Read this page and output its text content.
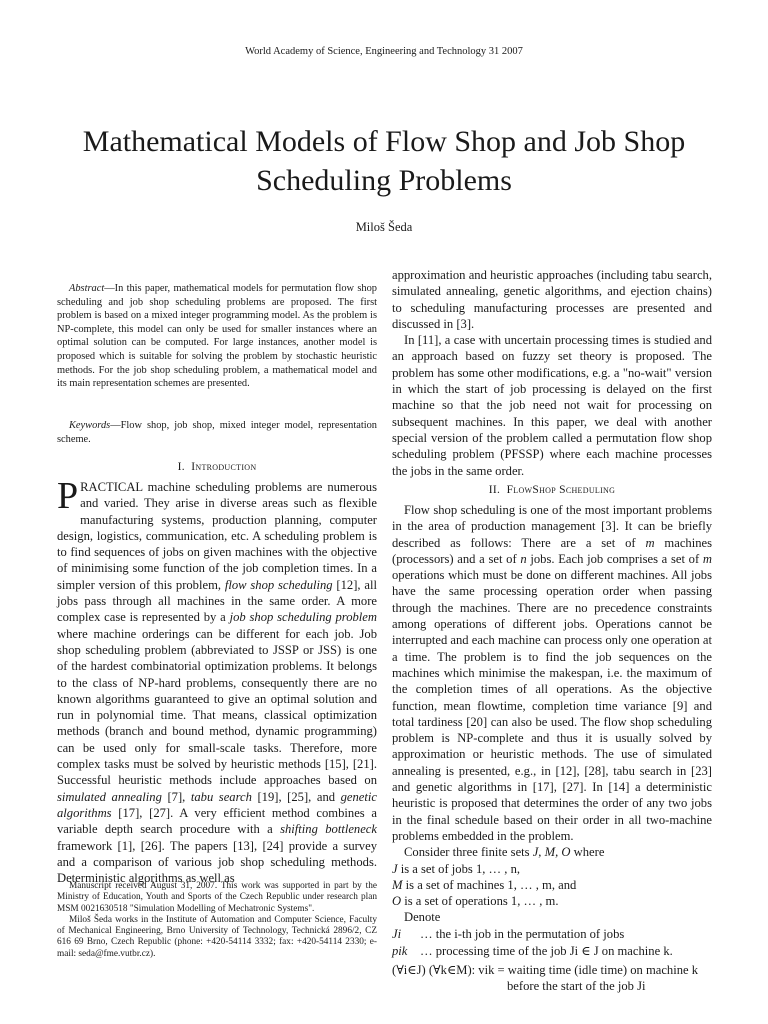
World Academy of Science, Engineering and Technology 31 2007
Mathematical Models of Flow Shop and Job Shop Scheduling Problems
Miloš Šeda

Abstract—In this paper, mathematical models for permutation flow shop scheduling and job shop scheduling problems are proposed. The first problem is based on a mixed integer programming model. As the problem is NP-complete, this model can only be used for smaller instances where an optimal solution can be computed. For large instances, another model is proposed which is suitable for solving the problem by stochastic heuristic methods. For the job shop scheduling problem, a mathematical model and its main representation schemes are presented.

Keywords—Flow shop, job shop, mixed integer model, representation scheme.

I. Introduction

PRACTICAL machine scheduling problems are numerous and varied. They arise in diverse areas such as flexible manufacturing systems, production planning, computer design, logistics, communication, etc. A scheduling problem is to find sequences of jobs on given machines with the objective of minimising some function of the job completion times. In a simpler version of this problem, flow shop scheduling [12], all jobs pass through all machines in the same order. A more complex case is represented by a job shop scheduling problem where machine orderings can be different for each job. Job shop scheduling problem (abbreviated to JSSP or JSS) is one of the hardest combinatorial optimization problems. It belongs to the class of NP-hard problems, consequently there are no known algorithms guaranteed to give an optimal solution and run in polynomial time. That means, classical optimization methods (branch and bound method, dynamic programming) can be used only for small-scale tasks. Therefore, more complex tasks must be solved by heuristic methods [15], [21]. Successful heuristic methods include approaches based on simulated annealing [7], tabu search [19], [25], and genetic algorithms [17], [27]. A very efficient method combines a variable depth search procedure with a shifting bottleneck framework [1], [26]. The papers [13], [24] provide a survey and a comparison of various job shop scheduling methods. Deterministic algorithms as well as

Manuscript received August 31, 2007. This work was supported in part by the Ministry of Education, Youth and Sports of the Czech Republic under research plan MSM 0021630518 "Simulation Modelling of Mechatronic Systems".

Miloš Šeda works in the Institute of Automation and Computer Science, Faculty of Mechanical Engineering, Brno University of Technology, Technická 2896/2, CZ 616 69 Brno, Czech Republic (phone: +420-54114 3332; fax: +420-54114 2330; e-mail: seda@fme.vutbr.cz).

approximation and heuristic approaches (including tabu search, simulated annealing, genetic algorithms, and ejection chains) to scheduling manufacturing processes are presented and discussed in [3].

In [11], a case with uncertain processing times is studied and an approach based on fuzzy set theory is proposed. The problem has some other modifications, e.g. a "no-wait" version in which the start of job processing is delayed on the first machine so that the job need not wait for processing on subsequent machines. In this paper, we deal with another special version of the problem called a permutation flow shop scheduling problem (PFSSP) where each machine processes the jobs in the same order.

II. FlowShop Scheduling

Flow shop scheduling is one of the most important problems in the area of production management [3]. It can be briefly described as follows: There are a set of m machines (processors) and a set of n jobs. Each job comprises a set of m operations which must be done on different machines. All jobs have the same processing operation order when passing through the machines. There are no precedence constraints among operations of different jobs. Operations cannot be interrupted and each machine can process only one operation at a time. The problem is to find the job sequences on the machines which minimise the makespan, i.e. the maximum of the completion times of all operations. As the objective function, mean flowtime, completion time variance [9] and total tardiness [20] can also be used. The flow shop scheduling problem is NP-complete and thus it is usually solved by approximation or heuristic methods. The use of simulated annealing is presented, e.g., in [12], [28], tabu search in [23] and genetic algorithms in [17], [27]. In [14] a deterministic heuristic is proposed that determines the order of any two jobs in the final schedule based on their order in all two-machine problems embedded in the problem.

Consider three finite sets J, M, O where

J is a set of jobs 1, … , n,

M is a set of machines 1, … , m, and

O is a set of operations 1, … , m.

Denote

Ji … the i-th job in the permutation of jobs
pik … processing time of the job Ji ∈ J on machine k.
(∀i∈J) (∀k∈M): vik = waiting time (idle time) on machine k
before the start of the job Ji
